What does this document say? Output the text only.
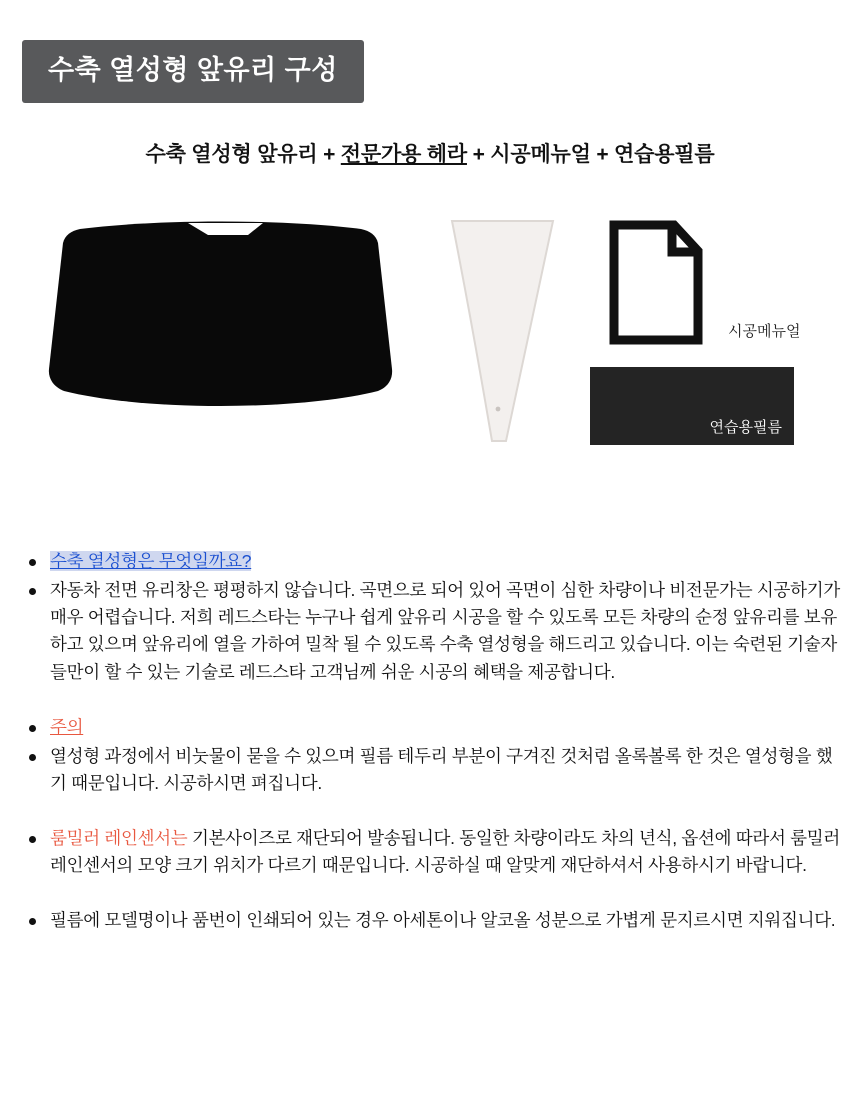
수축 열성형 앞유리 구성
수축 열성형 앞유리 + 전문가용 헤라 + 시공메뉴얼 + 연습용필름
시공메뉴얼
연습용필름
수축 열성형은 무엇일까요?
자동차 전면 유리창은 평평하지 않습니다. 곡면으로 되어 있어 곡면이 심한 차량이나 비전문가는 시공하기가 매우 어렵습니다. 저희 레드스타는 누구나 쉽게 앞유리 시공을 할 수 있도록 모든 차량의 순정 앞유리를 보유하고 있으며 앞유리에 열을 가하여 밀착 될 수 있도록 수축 열성형을 해드리고 있습니다. 이는 숙련된 기술자들만이 할 수 있는 기술로 레드스타 고객님께 쉬운 시공의 혜택을 제공합니다.
주의
열성형 과정에서 비눗물이 묻을 수 있으며 필름 테두리 부분이 구겨진 것처럼 올록볼록 한 것은 열성형을 했기 때문입니다. 시공하시면 펴집니다.
룸밀러 레인센서는 기본사이즈로 재단되어 발송됩니다. 동일한 차량이라도 차의 년식, 옵션에 따라서 룸밀러 레인센서의 모양 크기 위치가 다르기 때문입니다. 시공하실 때 알맞게 재단하셔서 사용하시기 바랍니다.
필름에 모델명이나 품번이 인쇄되어 있는 경우 아세톤이나 알코올 성분으로 가볍게 문지르시면 지워집니다.
